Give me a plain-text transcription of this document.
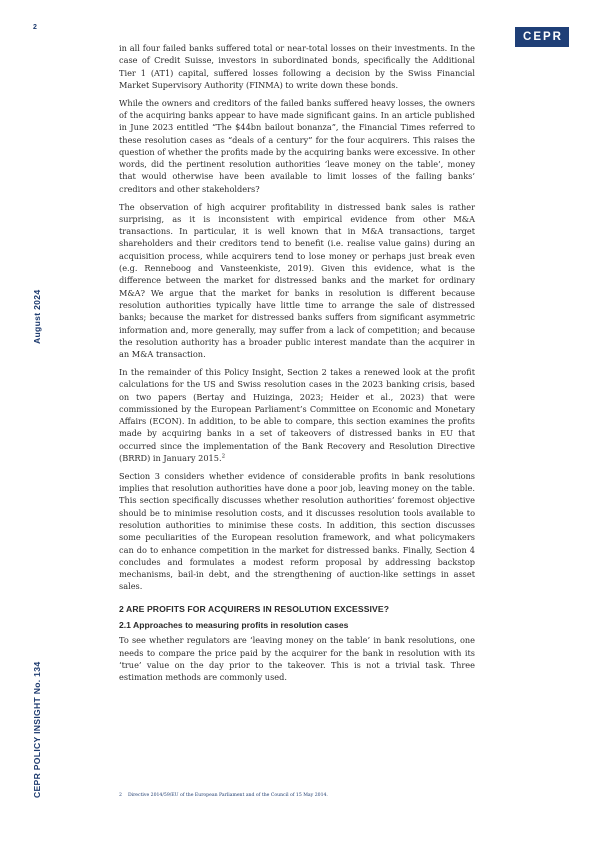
2
CEPR
August 2024
CEPR POLICY INSIGHT No. 134

in all four failed banks suffered total or near-total losses on their investments. In the case of Credit Suisse, investors in subordinated bonds, specifically the Additional Tier 1 (AT1) capital, suffered losses following a decision by the Swiss Financial Market Supervisory Authority (FINMA) to write down these bonds.

While the owners and creditors of the failed banks suffered heavy losses, the owners of the acquiring banks appear to have made significant gains. In an article published in June 2023 entitled “The $44bn bailout bonanza”, the Financial Times referred to these resolution cases as “deals of a century” for the four acquirers. This raises the question of whether the profits made by the acquiring banks were excessive. In other words, did the pertinent resolution authorities ‘leave money on the table’, money that would otherwise have been available to limit losses of the failing banks’ creditors and other stakeholders?

The observation of high acquirer profitability in distressed bank sales is rather surprising, as it is inconsistent with empirical evidence from other M&A transactions. In particular, it is well known that in M&A transactions, target shareholders and their creditors tend to benefit (i.e. realise value gains) during an acquisition process, while acquirers tend to lose money or perhaps just break even (e.g. Renneboog and Vansteenkiste, 2019). Given this evidence, what is the difference between the market for distressed banks and the market for ordinary M&A? We argue that the market for banks in resolution is different because resolution authorities typically have little time to arrange the sale of distressed banks; because the market for distressed banks suffers from significant asymmetric information and, more generally, may suffer from a lack of competition; and because the resolution authority has a broader public interest mandate than the acquirer in an M&A transaction.

In the remainder of this Policy Insight, Section 2 takes a renewed look at the profit calculations for the US and Swiss resolution cases in the 2023 banking crisis, based on two papers (Bertay and Huizinga, 2023; Heider et al., 2023) that were commissioned by the European Parliament’s Committee on Economic and Monetary Affairs (ECON). In addition, to be able to compare, this section examines the profits made by acquiring banks in a set of takeovers of distressed banks in EU that occurred since the implementation of the Bank Recovery and Resolution Directive (BRRD) in January 2015.$^2$

Section 3 considers whether evidence of considerable profits in bank resolutions implies that resolution authorities have done a poor job, leaving money on the table. This section specifically discusses whether resolution authorities’ foremost objective should be to minimise resolution costs, and it discusses resolution tools available to resolution authorities to minimise these costs. In addition, this section discusses some peculiarities of the European resolution framework, and what policymakers can do to enhance competition in the market for distressed banks. Finally, Section 4 concludes and formulates a modest reform proposal by addressing backstop mechanisms, bail-in debt, and the strengthening of auction-like settings in asset sales.

2 ARE PROFITS FOR ACQUIRERS IN RESOLUTION EXCESSIVE?
2.1 Approaches to measuring profits in resolution cases

To see whether regulators are ‘leaving money on the table’ in bank resolutions, one needs to compare the price paid by the acquirer for the bank in resolution with its ‘true’ value on the day prior to the takeover. This is not a trivial task. Three estimation methods are commonly used.

2 Directive 2014/59/EU of the European Parliament and of the Council of 15 May 2014.
